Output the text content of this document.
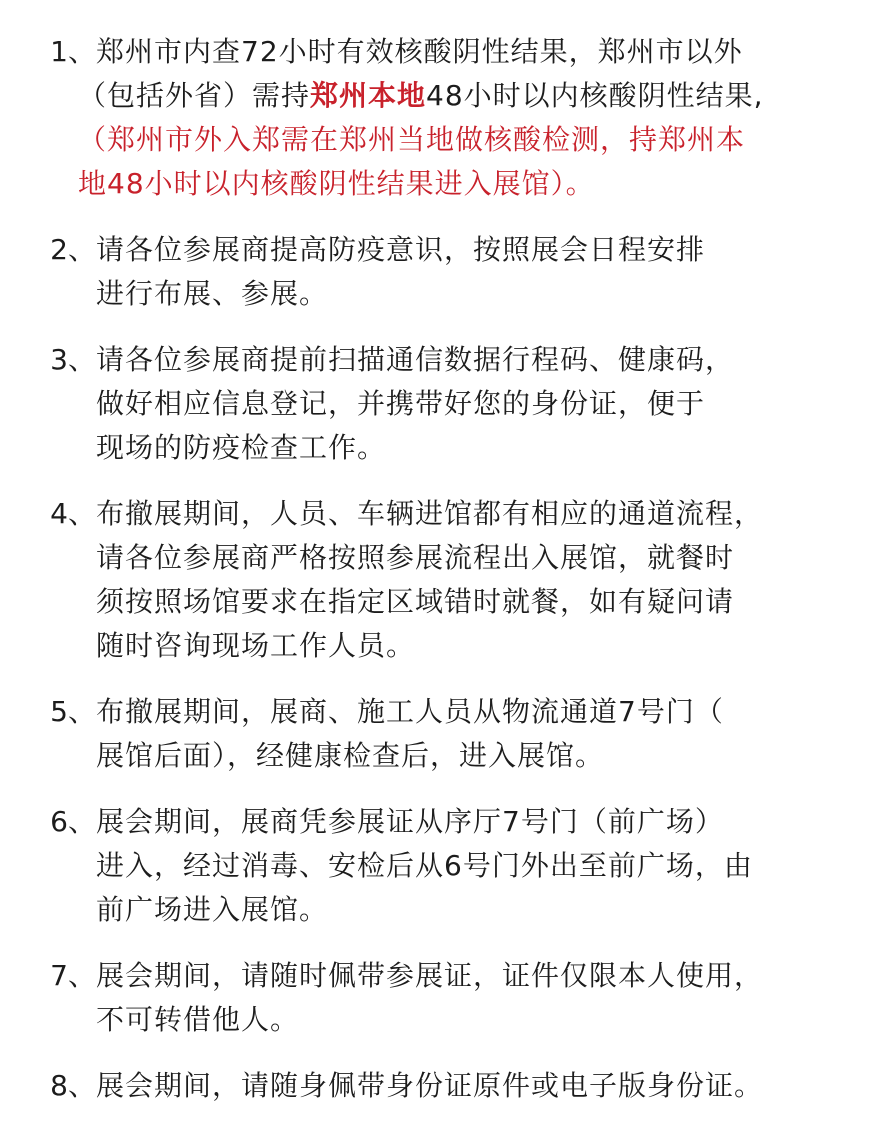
1、 郑州市内查72小时有效核酸阴性结果，郑州市以外
（包括外省）需持郑州本地48小时以内核酸阴性结果,
（郑州市外入郑需在郑州当地做核酸检测，持郑州本
地48小时以内核酸阴性结果进入展馆）。
2、 请各位参展商提高防疫意识，按照展会日程安排
进行布展、参展。
3、 请各位参展商提前扫描通信数据行程码、健康码，
做好相应信息登记，并携带好您的身份证，便于
现场的防疫检查工作。
4、 布撤展期间，人员、车辆进馆都有相应的通道流程，
请各位参展商严格按照参展流程出入展馆，就餐时
须按照场馆要求在指定区域错时就餐，如有疑问请
随时咨询现场工作人员。
5、 布撤展期间，展商、施工人员从物流通道7号门（
展馆后面），经健康检查后，进入展馆。
6、 展会期间，展商凭参展证从序厅7号门（前广场）
进入，经过消毒、安检后从6号门外出至前广场，由
前广场进入展馆。
7、 展会期间，请随时佩带参展证，证件仅限本人使用，
不可转借他人。
8、 展会期间，请随身佩带身份证原件或电子版身份证。
